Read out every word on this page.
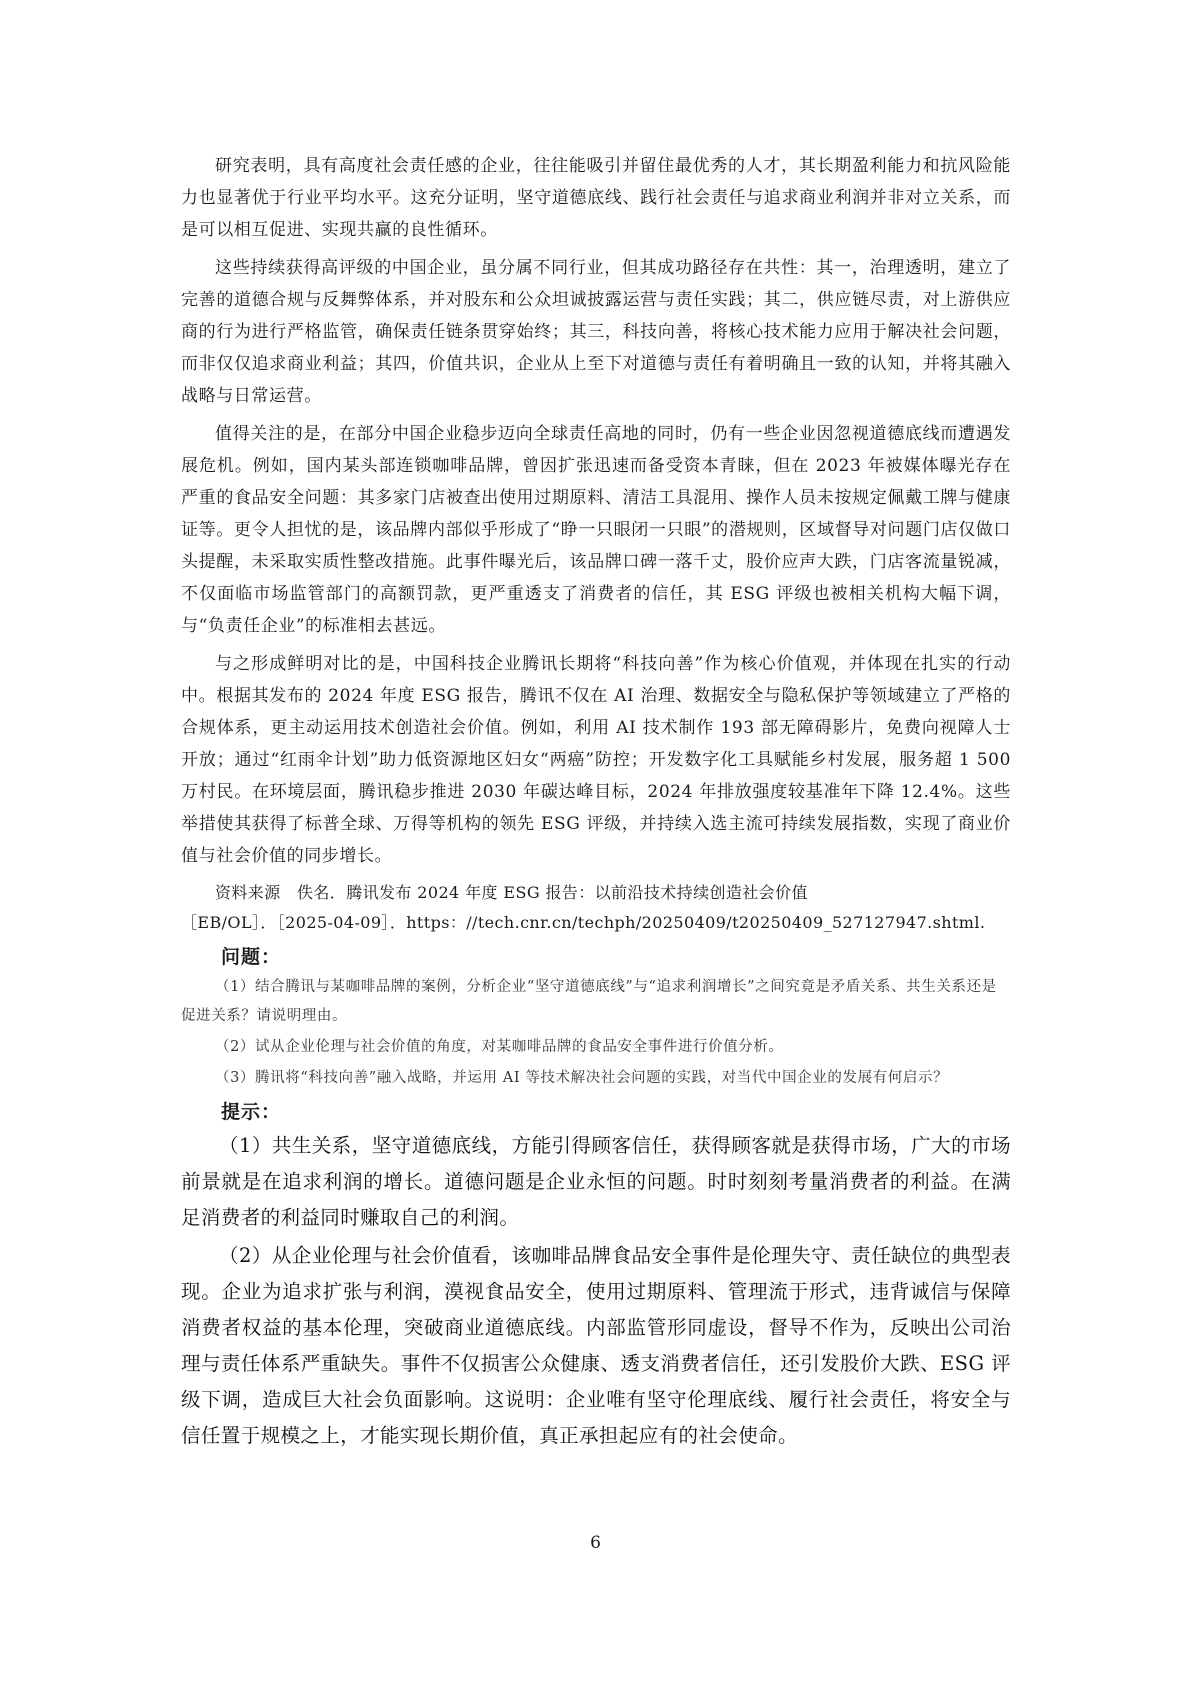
研究表明，具有高度社会责任感的企业，往往能吸引并留住最优秀的人才，其长期盈利能力和抗风险能力也显著优于行业平均水平。这充分证明，坚守道德底线、践行社会责任与追求商业利润并非对立关系，而是可以相互促进、实现共赢的良性循环。

这些持续获得高评级的中国企业，虽分属不同行业，但其成功路径存在共性：其一，治理透明，建立了完善的道德合规与反舞弊体系，并对股东和公众坦诚披露运营与责任实践；其二，供应链尽责，对上游供应商的行为进行严格监管，确保责任链条贯穿始终；其三，科技向善，将核心技术能力应用于解决社会问题，而非仅仅追求商业利益；其四，价值共识，企业从上至下对道德与责任有着明确且一致的认知，并将其融入战略与日常运营。

值得关注的是，在部分中国企业稳步迈向全球责任高地的同时，仍有一些企业因忽视道德底线而遭遇发展危机。例如，国内某头部连锁咖啡品牌，曾因扩张迅速而备受资本青睐，但在 2023 年被媒体曝光存在严重的食品安全问题：其多家门店被查出使用过期原料、清洁工具混用、操作人员未按规定佩戴工牌与健康证等。更令人担忧的是，该品牌内部似乎形成了“睁一只眼闭一只眼”的潜规则，区域督导对问题门店仅做口头提醒，未采取实质性整改措施。此事件曝光后，该品牌口碑一落千丈，股价应声大跌，门店客流量锐减，不仅面临市场监管部门的高额罚款，更严重透支了消费者的信任，其 ESG 评级也被相关机构大幅下调，与“负责任企业”的标准相去甚远。

与之形成鲜明对比的是，中国科技企业腾讯长期将“科技向善”作为核心价值观，并体现在扎实的行动中。根据其发布的 2024 年度 ESG 报告，腾讯不仅在 AI 治理、数据安全与隐私保护等领域建立了严格的合规体系，更主动运用技术创造社会价值。例如，利用 AI 技术制作 193 部无障碍影片，免费向视障人士开放；通过“红雨伞计划”助力低资源地区妇女“两癌”防控；开发数字化工具赋能乡村发展，服务超 1 500 万村民。在环境层面，腾讯稳步推进 2030 年碳达峰目标，2024 年排放强度较基准年下降 12.4%。这些举措使其获得了标普全球、万得等机构的领先 ESG 评级，并持续入选主流可持续发展指数，实现了商业价值与社会价值的同步增长。

资料来源　佚名．腾讯发布 2024 年度 ESG 报告：以前沿技术持续创造社会价值

［EB/OL］．［2025-04-09］．https：//tech.cnr.cn/techph/20250409/t20250409_527127947.shtml.

问题：

（1）结合腾讯与某咖啡品牌的案例，分析企业“坚守道德底线”与“追求利润增长”之间究竟是矛盾关系、共生关系还是促进关系？请说明理由。

（2）试从企业伦理与社会价值的角度，对某咖啡品牌的食品安全事件进行价值分析。

（3）腾讯将“科技向善”融入战略，并运用 AI 等技术解决社会问题的实践，对当代中国企业的发展有何启示？

提示：

（1）共生关系，坚守道德底线，方能引得顾客信任，获得顾客就是获得市场，广大的市场前景就是在追求利润的增长。道德问题是企业永恒的问题。时时刻刻考量消费者的利益。在满足消费者的利益同时赚取自己的利润。

（2）从企业伦理与社会价值看，该咖啡品牌食品安全事件是伦理失守、责任缺位的典型表现。企业为追求扩张与利润，漠视食品安全，使用过期原料、管理流于形式，违背诚信与保障消费者权益的基本伦理，突破商业道德底线。内部监管形同虚设，督导不作为，反映出公司治理与责任体系严重缺失。事件不仅损害公众健康、透支消费者信任，还引发股价大跌、ESG 评级下调，造成巨大社会负面影响。这说明：企业唯有坚守伦理底线、履行社会责任，将安全与信任置于规模之上，才能实现长期价值，真正承担起应有的社会使命。

6
